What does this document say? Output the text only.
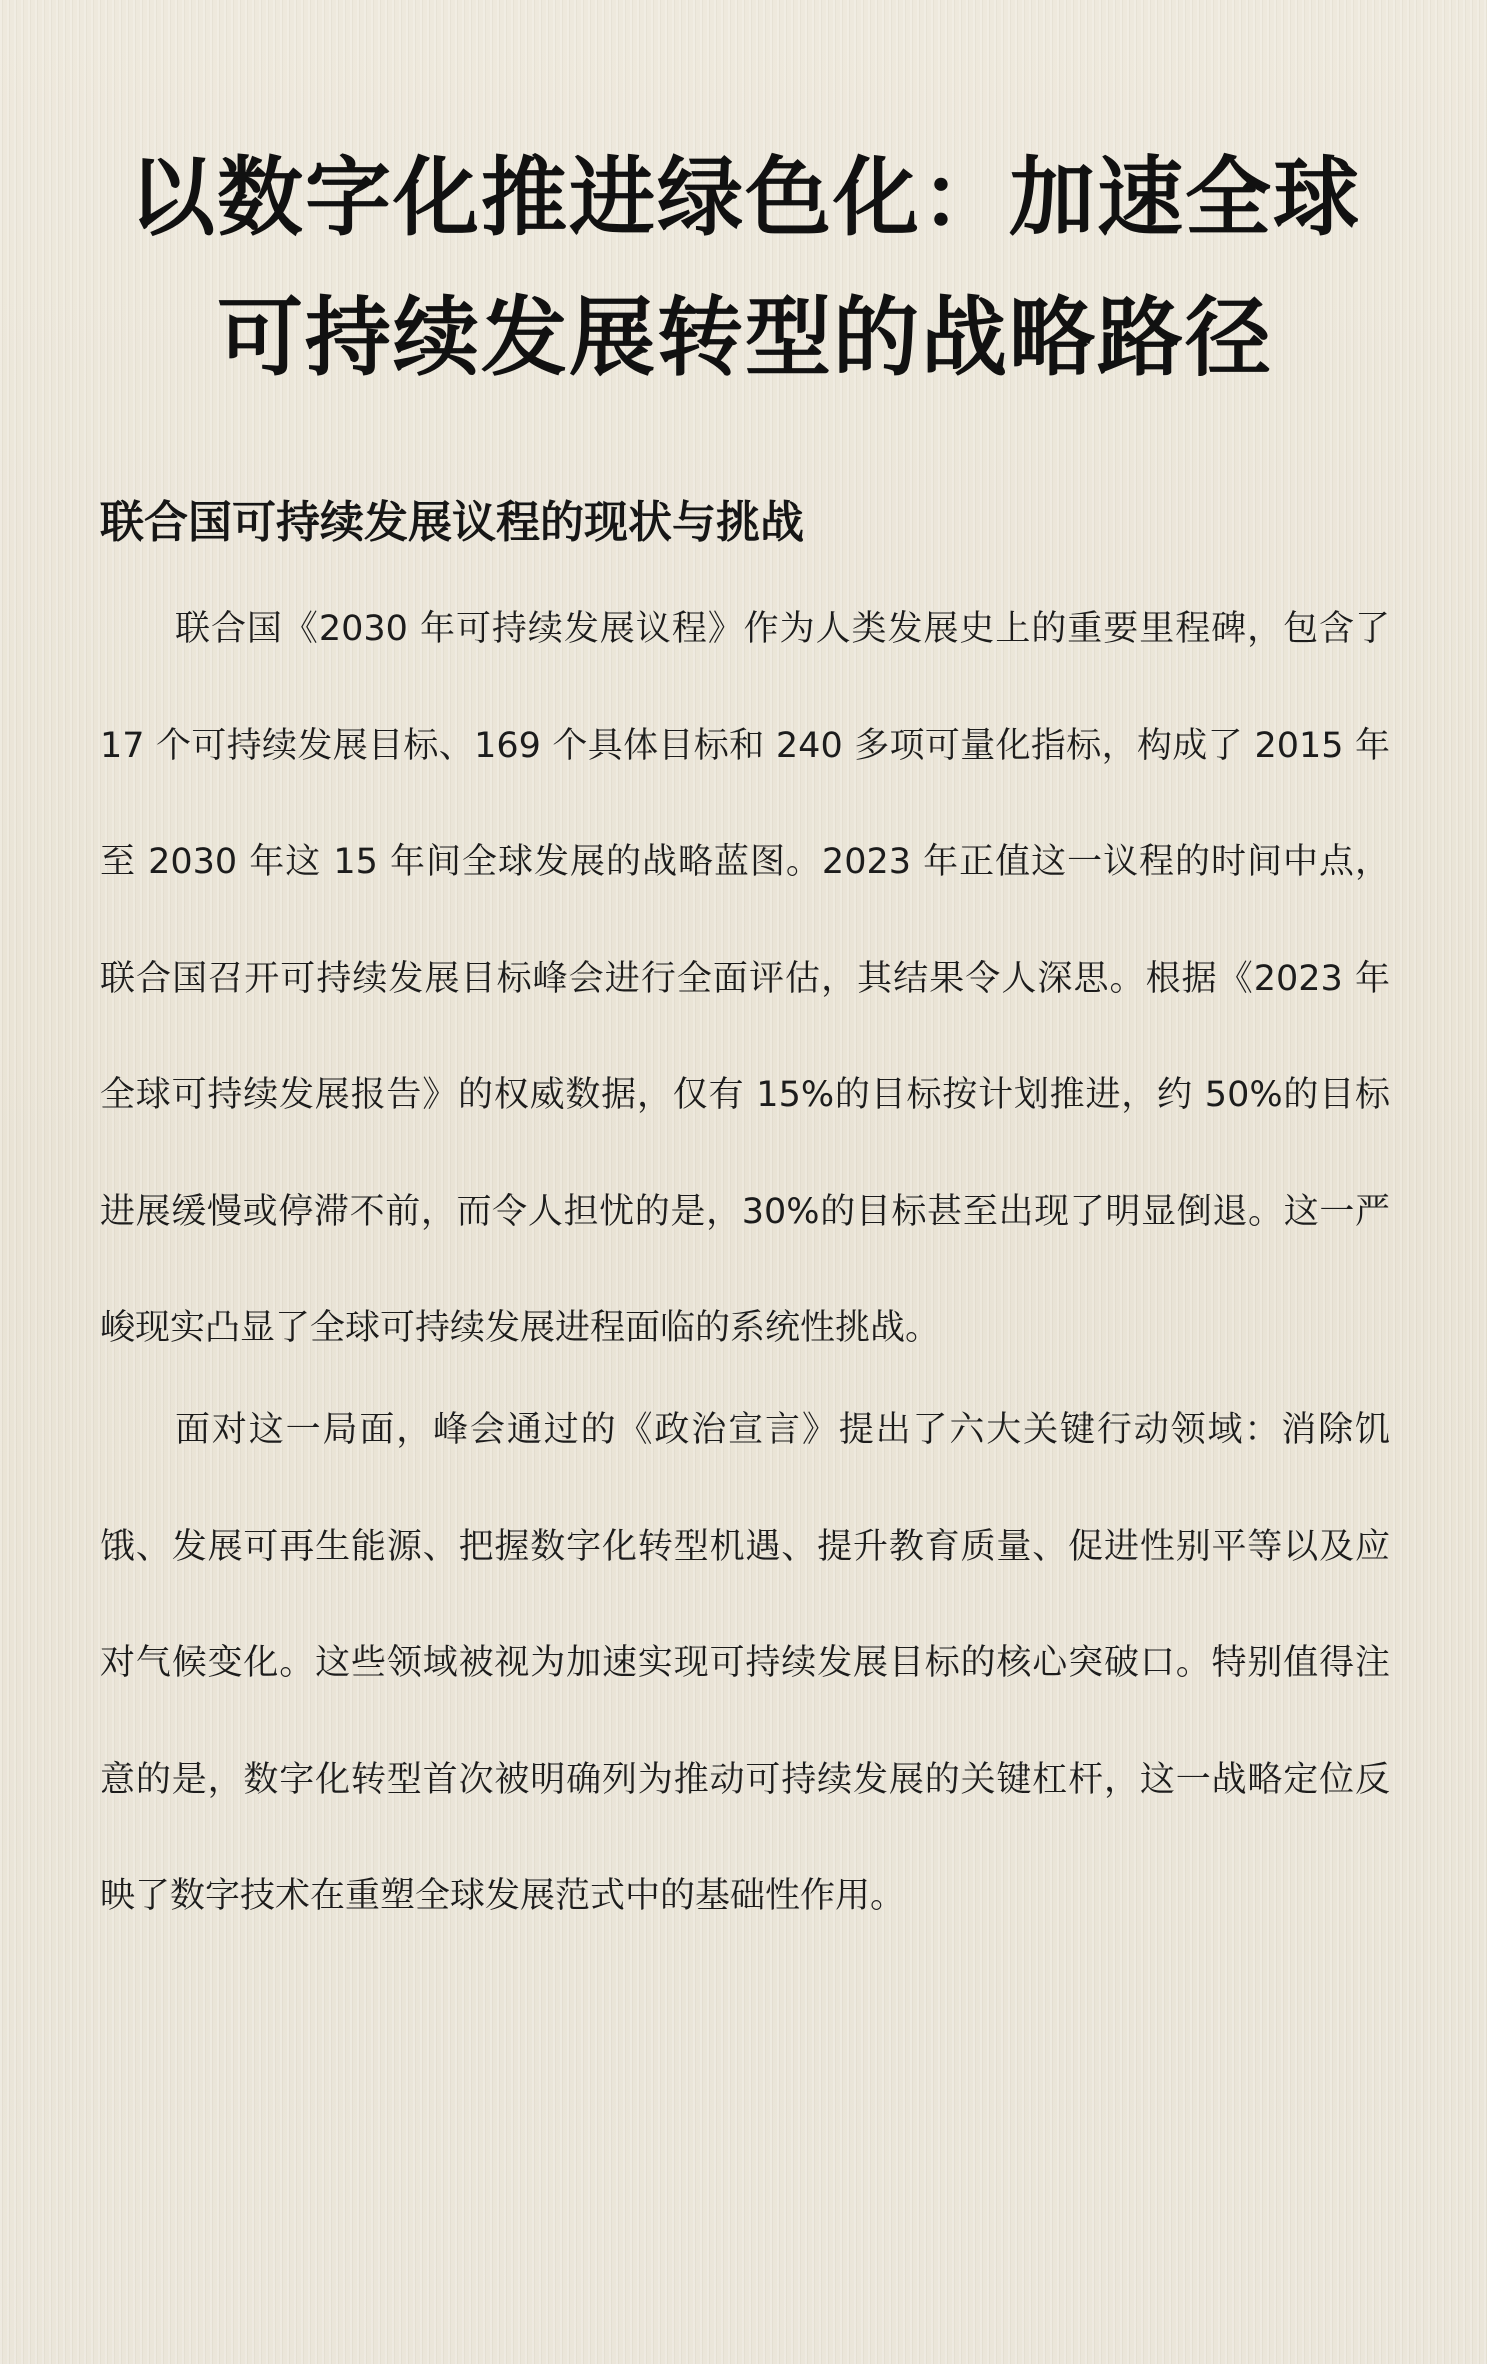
以数字化推进绿色化：加速全球可持续发展转型的战略路径
联合国可持续发展议程的现状与挑战

联合国《2030 年可持续发展议程》作为人类发展史上的重要里程碑，包含了 17 个可持续发展目标、169 个具体目标和 240 多项可量化指标，构成了 2015 年至 2030 年这 15 年间全球发展的战略蓝图。2023 年正值这一议程的时间中点，联合国召开可持续发展目标峰会进行全面评估，其结果令人深思。根据《2023 年全球可持续发展报告》的权威数据，仅有 15%的目标按计划推进，约 50%的目标进展缓慢或停滞不前，而令人担忧的是，30%的目标甚至出现了明显倒退。这一严峻现实凸显了全球可持续发展进程面临的系统性挑战。

面对这一局面，峰会通过的《政治宣言》提出了六大关键行动领域：消除饥饿、发展可再生能源、把握数字化转型机遇、提升教育质量、促进性别平等以及应对气候变化。这些领域被视为加速实现可持续发展目标的核心突破口。特别值得注意的是，数字化转型首次被明确列为推动可持续发展的关键杠杆，这一战略定位反映了数字技术在重塑全球发展范式中的基础性作用。
